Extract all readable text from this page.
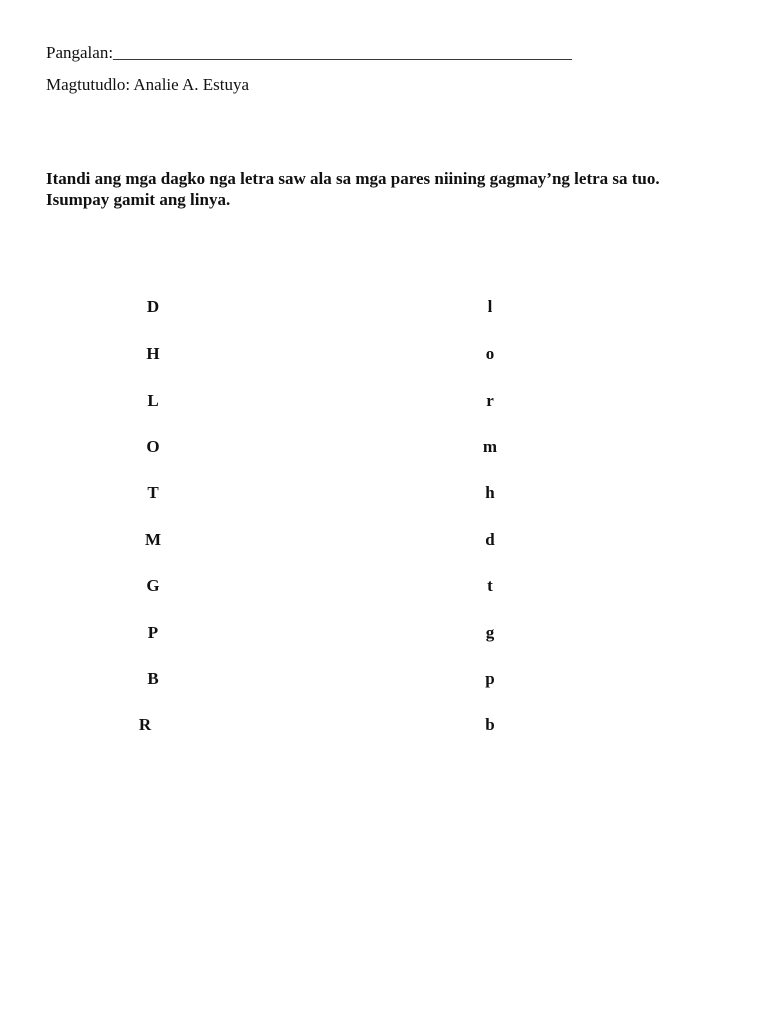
Pangalan:______________________________________________________
Magtutudlo: Analie A. Estuya

Itandi ang mga dagko nga letra saw ala sa mga pares niining gagmay’ng letra sa tuo.

Isumpay gamit ang linya.

D
H
L
O
T
M
G
P
B
R
l
o
r
m
h
d
t
g
p
b
